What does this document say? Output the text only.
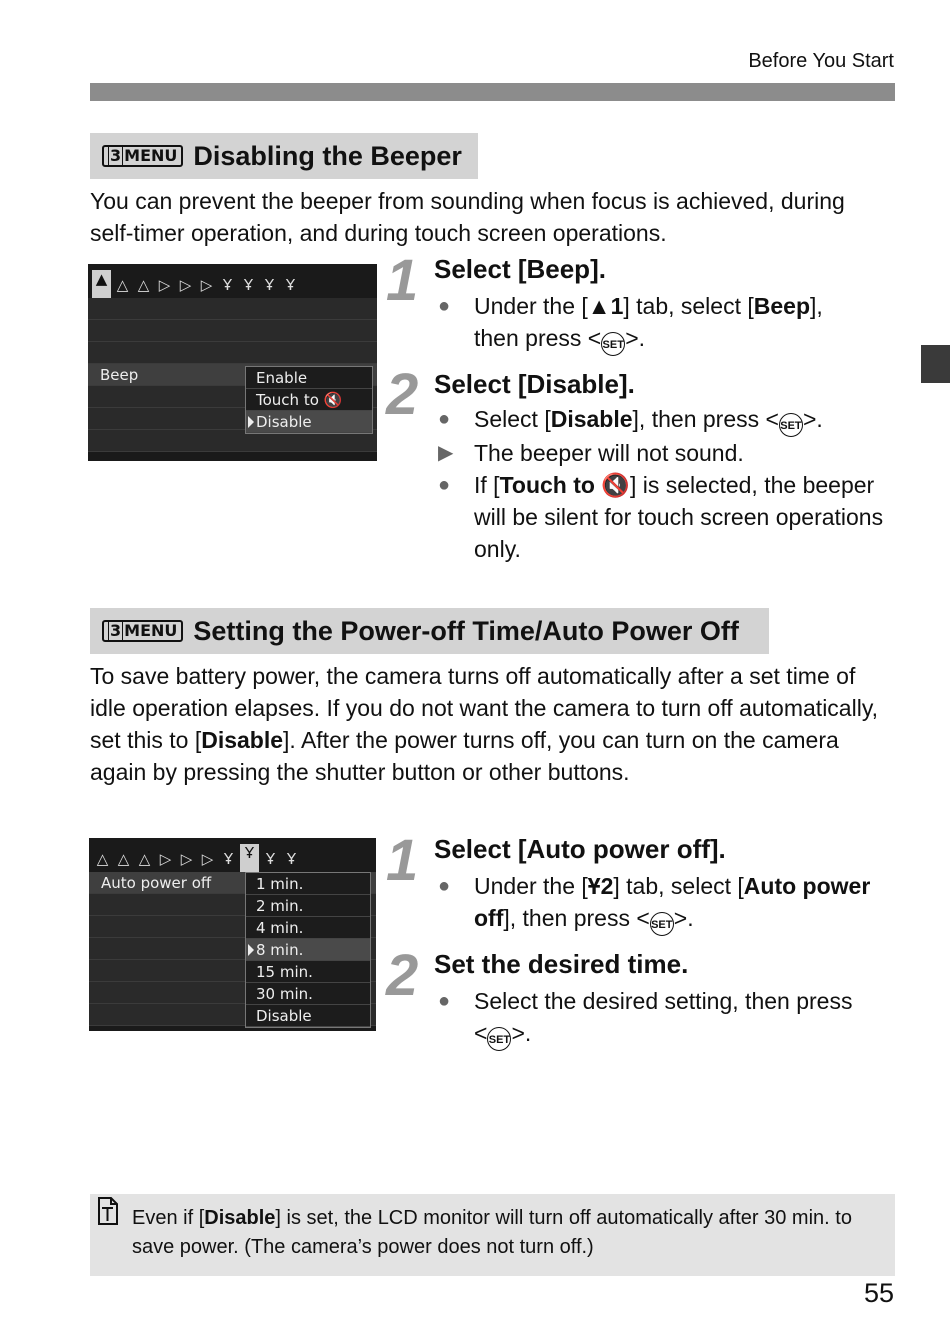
Before You Start
3 MENU Disabling the Beeper
You can prevent the beeper from sounding when focus is achieved, during self-timer operation, and during touch screen operations.
▲ △ △ ▷ ▷ ▷ Ұ Ұ Ұ Ұ
Beep	Enable
Touch to 🔇
Disable
1 Select [Beep].
●	Under the [▲1] tab, select [Beep],
then press <SET>.
2 Select [Disable].
●	Select [Disable], then press <SET>.
▶ The beeper will not sound.
●	If [Touch to 🔇] is selected, the beeper will be silent for touch screen operations only.
3 MENU Setting the Power-off Time/Auto Power Off
To save battery power, the camera turns off automatically after a set time of idle operation elapses. If you do not want the camera to turn off automatically, set this to [Disable]. After the power turns off, you can turn on the camera again by pressing the shutter button or other buttons.
△ △ △ ▷ ▷ ▷ Ұ Ұ Ұ Ұ
Auto power off	1 min.
2 min.
4 min.
8 min.
15 min.
30 min.
Disable
1 Select [Auto power off].
●	Under the [Ұ2] tab, select [Auto power off], then press <SET>.
2 Set the desired time.
●	Select the desired setting, then press
<SET>.
Even if [Disable] is set, the LCD monitor will turn off automatically after 30 min. to save power. (The camera’s power does not turn off.)
55
